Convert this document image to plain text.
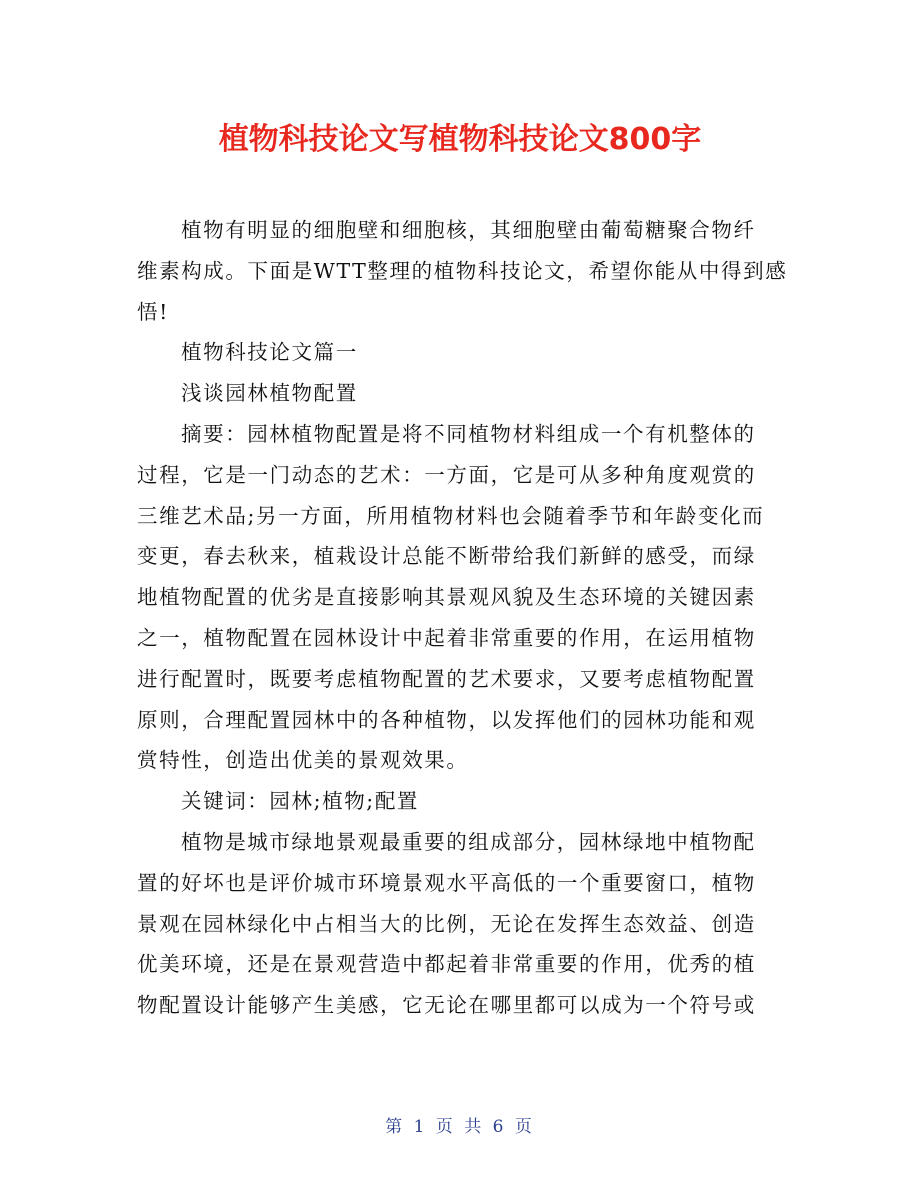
植物科技论文写植物科技论文800字
植物有明显的细胞壁和细胞核，其细胞壁由葡萄糖聚合物纤
维素构成。下面是WTT整理的植物科技论文，希望你能从中得到感
悟!
植物科技论文篇一
浅谈园林植物配置
摘要：园林植物配置是将不同植物材料组成一个有机整体的
过程，它是一门动态的艺术：一方面，它是可从多种角度观赏的
三维艺术品;另一方面，所用植物材料也会随着季节和年龄变化而
变更，春去秋来，植栽设计总能不断带给我们新鲜的感受，而绿
地植物配置的优劣是直接影响其景观风貌及生态环境的关键因素
之一，植物配置在园林设计中起着非常重要的作用，在运用植物
进行配置时，既要考虑植物配置的艺术要求，又要考虑植物配置
原则，合理配置园林中的各种植物，以发挥他们的园林功能和观
赏特性，创造出优美的景观效果。
关键词：园林;植物;配置
植物是城市绿地景观最重要的组成部分，园林绿地中植物配
置的好坏也是评价城市环境景观水平高低的一个重要窗口，植物
景观在园林绿化中占相当大的比例，无论在发挥生态效益、创造
优美环境，还是在景观营造中都起着非常重要的作用，优秀的植
物配置设计能够产生美感，它无论在哪里都可以成为一个符号或
第 1 页 共 6 页
